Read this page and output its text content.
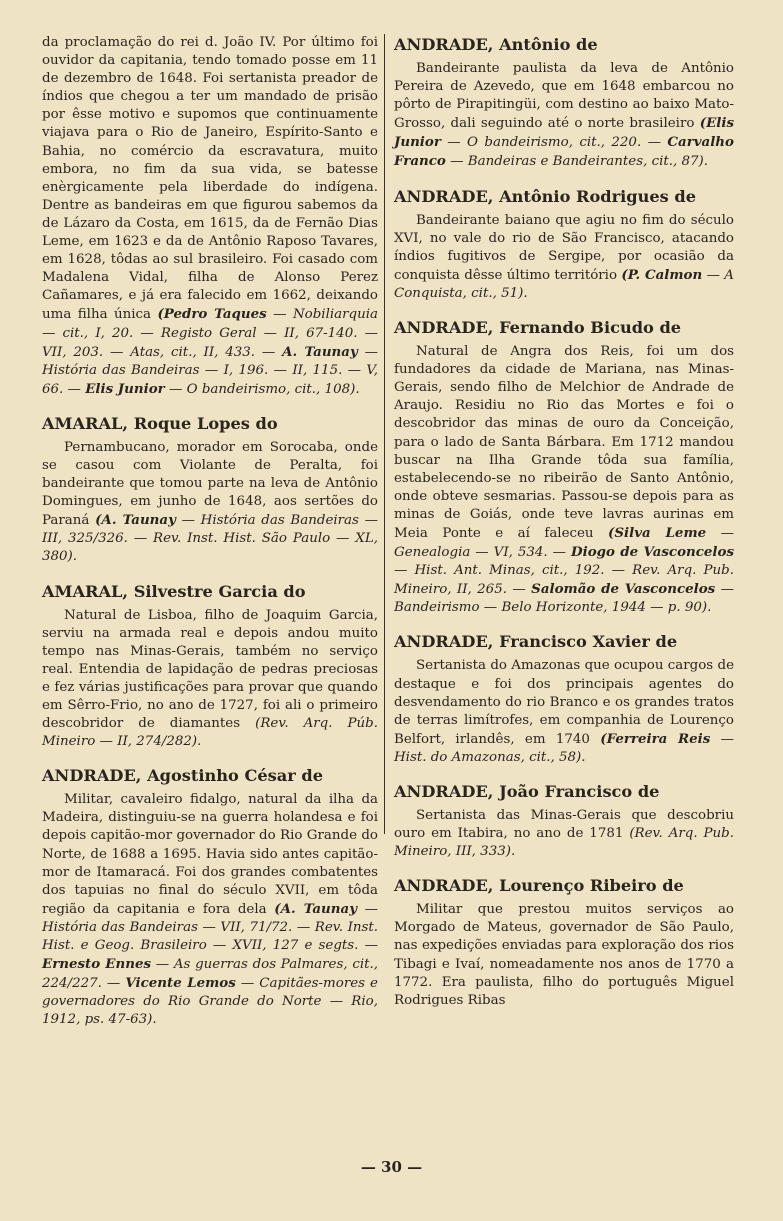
da proclamação do rei d. João IV. Por último foi ouvidor da capitania, tendo tomado posse em 11 de dezembro de 1648. Foi sertanista preador de índios que chegou a ter um mandado de prisão por êsse motivo e supomos que continuamente viajava para o Rio de Janeiro, Espírito-Santo e Bahia, no comércio da escravatura, muito embora, no fim da sua vida, se batesse enèrgicamente pela liberdade do indígena. Dentre as bandeiras em que figurou sabemos da de Lázaro da Costa, em 1615, da de Fernão Dias Leme, em 1623 e da de Antônio Raposo Tavares, em 1628, tôdas ao sul brasileiro. Foi casado com Madalena Vidal, filha de Alonso Perez Cañamares, e já era falecido em 1662, deixando uma filha única (Pedro Taques — Nobiliarquia — cit., I, 20. — Registo Geral — II, 67-140. — VII, 203. — Atas, cit., II, 433. — A. Taunay — História das Bandeiras — I, 196. — II, 115. — V, 66. — Elis Junior — O bandeirismo, cit., 108).

AMARAL, Roque Lopes do

Pernambucano, morador em Sorocaba, onde se casou com Violante de Peralta, foi bandeirante que tomou parte na leva de Antônio Domingues, em junho de 1648, aos sertões do Paraná (A. Taunay — História das Bandeiras — III, 325/326. — Rev. Inst. Hist. São Paulo — XL, 380).

AMARAL, Silvestre Garcia do

Natural de Lisboa, filho de Joaquim Garcia, serviu na armada real e depois andou muito tempo nas Minas-Gerais, também no serviço real. Entendia de lapidação de pedras preciosas e fez várias justificações para provar que quando em Sêrro-Frio, no ano de 1727, foi ali o primeiro descobridor de diamantes (Rev. Arq. Púb. Mineiro — II, 274/282).

ANDRADE, Agostinho César de

Militar, cavaleiro fidalgo, natural da ilha da Madeira, distinguiu-se na guerra holandesa e foi depois capitão-mor governador do Rio Grande do Norte, de 1688 a 1695. Havia sido antes capitão-mor de Itamaracá. Foi dos grandes combatentes dos tapuias no final do século XVII, em tôda região da capitania e fora dela (A. Taunay — História das Bandeiras — VII, 71/72. — Rev. Inst. Hist. e Geog. Brasileiro — XVII, 127 e segts. — Ernesto Ennes — As guerras dos Palmares, cit., 224/227. — Vicente Lemos — Capitães-mores e governadores do Rio Grande do Norte — Rio, 1912, ps. 47-63).

ANDRADE, Antônio de

Bandeirante paulista da leva de Antônio Pereira de Azevedo, que em 1648 embarcou no pôrto de Pirapitingüi, com destino ao baixo Mato-Grosso, dali seguindo até o norte brasileiro (Elis Junior — O bandeirismo, cit., 220. — Carvalho Franco — Bandeiras e Bandeirantes, cit., 87).

ANDRADE, Antônio Rodrigues de

Bandeirante baiano que agiu no fim do século XVI, no vale do rio de São Francisco, atacando índios fugitivos de Sergipe, por ocasião da conquista dêsse último território (P. Calmon — A Conquista, cit., 51).

ANDRADE, Fernando Bicudo de

Natural de Angra dos Reis, foi um dos fundadores da cidade de Mariana, nas Minas-Gerais, sendo filho de Melchior de Andrade de Araujo. Residiu no Rio das Mortes e foi o descobridor das minas de ouro da Conceição, para o lado de Santa Bárbara. Em 1712 mandou buscar na Ilha Grande tôda sua família, estabelecendo-se no ribeirão de Santo Antônio, onde obteve sesmarias. Passou-se depois para as minas de Goiás, onde teve lavras aurinas em Meia Ponte e aí faleceu (Silva Leme — Genealogia — VI, 534. — Diogo de Vasconcelos — Hist. Ant. Minas, cit., 192. — Rev. Arq. Pub. Mineiro, II, 265. — Salomão de Vasconcelos — Bandeirismo — Belo Horizonte, 1944 — p. 90).

ANDRADE, Francisco Xavier de

Sertanista do Amazonas que ocupou cargos de destaque e foi dos principais agentes do desvendamento do rio Branco e os grandes tratos de terras limítrofes, em companhia de Lourenço Belfort, irlandês, em 1740 (Ferreira Reis — Hist. do Amazonas, cit., 58).

ANDRADE, João Francisco de

Sertanista das Minas-Gerais que descobriu ouro em Itabira, no ano de 1781 (Rev. Arq. Pub. Mineiro, III, 333).

ANDRADE, Lourenço Ribeiro de

Militar que prestou muitos serviços ao Morgado de Mateus, governador de São Paulo, nas expedições enviadas para exploração dos rios Tibagi e Ivaí, nomeadamente nos anos de 1770 a 1772. Era paulista, filho do português Miguel Rodrigues Ribas

— 30 —
